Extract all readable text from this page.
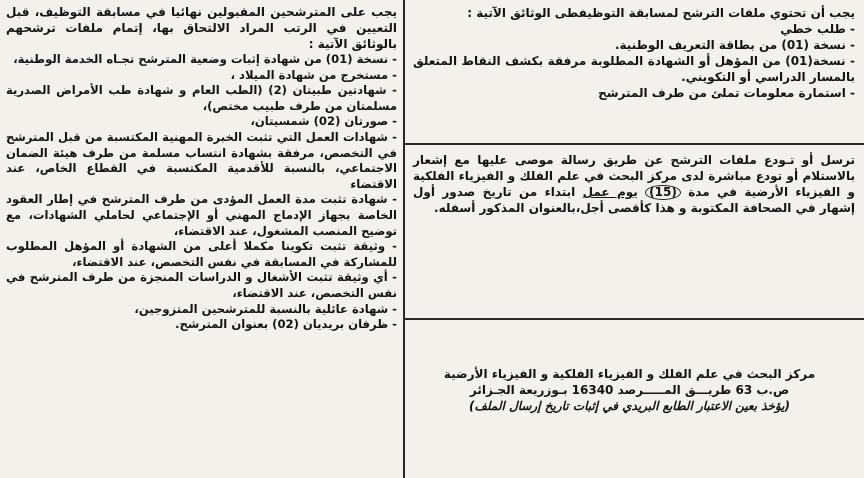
يجب أن تحتوي ملفات الترشح لمسابقة التوظيفطى الوثائق الآتية :

- طلب خطي
- نسخة (01) من بطاقة التعريف الوطنية.
- نسخة(01) من المؤهل أو الشهادة المطلوبة مرفقة بكشف النقاط المتعلق بالمسار الدراسي أو التكويني.
- استمارة معلومات تملئ من طرف المترشح

ترسل أو تـودع ملفات الترشح عن طريق رسالة موصى عليها مع إشعار بالاستلام أو تودع مباشرة لدى مركز البحث في علم الفلك و الفيزياء الفلكية و الفيزياء الأرضية في مدة (15) يوم عمل ابتداء من تاريخ صدور أول إشهار في الصحافة المكتوبة و هذا كأقصى أجل،بالعنوان المذكور أسفله.

مركز البحث في علم الفلك و الفيزياء الفلكية و الفيزياء الأرضية

ص.ب 63 طريـــق المـــــرصد 16340 بـوزريعة الجـزائر

(يؤخذ بعين الاعتبار الطابع البريدي في إثبات تاريخ إرسال الملف)

يجب على المترشحين المقبولين نهائيا في مسابقة التوظيف، قبل التعيين في الرتب المراد الالتحاق بها، إتمام ملفات ترشحهم بالوثائق الآتية :

- نسخة (01) من شهادة إثبات وضعية المترشح تجـاه الخدمة الوطنية،
- مستخرج من شهادة الميلاد ،
- شهادتين طبيتان (2) (الطب العام و شهادة طب الأمراض الصدرية مسلمتان من طرف طبيب مختص)،
- صورتان (02) شمسيتان،
- شهادات العمل التي تثبت الخبرة المهنية المكتسبة من قبل المترشح في التخصص، مرفقة بشهادة انتساب مسلمة من طرف هيئة الضمان الاجتماعي، بالنسبة للأقدمية المكتسبة في القطاع الخاص، عند الاقتضاء
- شهادة تثبت مدة العمل المؤدى من طرف المترشح في إطار العقود الخاصة بجهاز الإدماج المهني أو الإجتماعي لحاملي الشهادات، مع توضيح المنصب المشغول، عند الاقتضاء،
- وثيقة تثبت تكوينا مكملا أعلى من الشهادة أو المؤهل المطلوب للمشاركة في المسابقة في نفس التخصص، عند الاقتضاء،
- أي وثيقة تثبت الأشغال و الدراسات المنجزة من طرف المترشح في نفس التخصص، عند الاقتضاء،
- شهادة عائلية بالنسبة للمترشحين المتزوجين،
- ظرفان بريديان (02) بعنوان المترشح.
